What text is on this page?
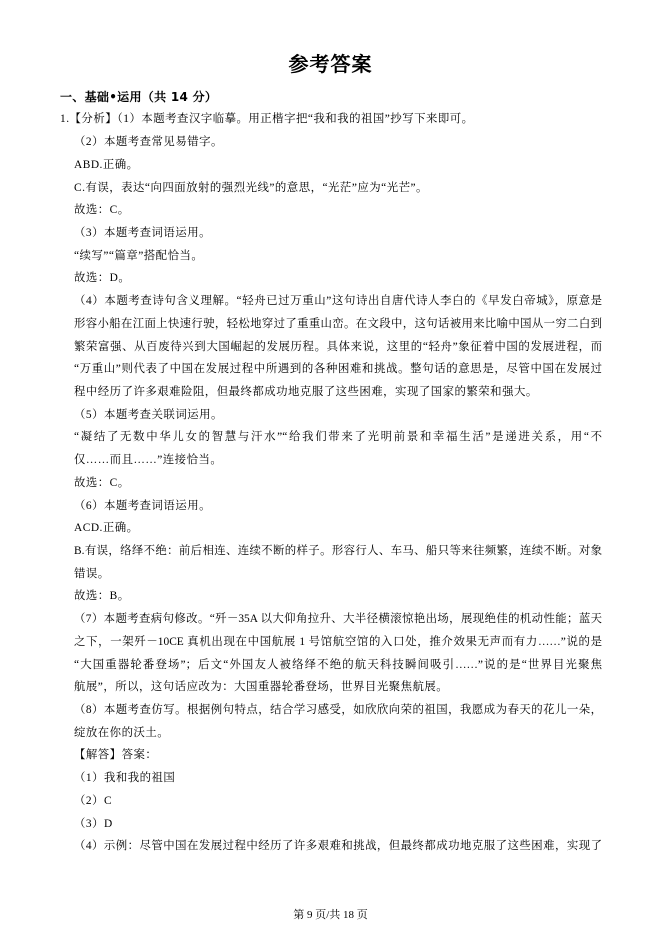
参考答案
一、基础•运用（共 14 分）
1.【分析】（1）本题考查汉字临摹。用正楷字把“我和我的祖国”抄写下来即可。
（2）本题考查常见易错字。
ABD.正确。
C.有误，表达“向四面放射的强烈光线”的意思，“光茫”应为“光芒”。
故选：C。
（3）本题考查词语运用。
“续写”“篇章”搭配恰当。
故选：D。
（4）本题考查诗句含义理解。“轻舟已过万重山”这句诗出自唐代诗人李白的《早发白帝城》，原意是
形容小船在江面上快速行驶，轻松地穿过了重重山峦。在文段中，这句话被用来比喻中国从一穷二白到
繁荣富强、从百废待兴到大国崛起的发展历程。具体来说，这里的“轻舟”象征着中国的发展进程，而
“万重山”则代表了中国在发展过程中所遇到的各种困难和挑战。整句话的意思是，尽管中国在发展过
程中经历了许多艰难险阻，但最终都成功地克服了这些困难，实现了国家的繁荣和强大。
（5）本题考查关联词运用。
“凝结了无数中华儿女的智慧与汗水”“给我们带来了光明前景和幸福生活”是递进关系，用“不
仅……而且……”连接恰当。
故选：C。
（6）本题考查词语运用。
ACD.正确。
B.有误，络绎不绝：前后相连、连续不断的样子。形容行人、车马、船只等来往频繁，连续不断。对象
错误。
故选：B。
（7）本题考查病句修改。“歼－35A 以大仰角拉升、大半径横滚惊艳出场，展现绝佳的机动性能；蓝天
之下，一架歼－10CE 真机出现在中国航展 1 号馆航空馆的入口处，推介效果无声而有力……”说的是
“大国重器轮番登场”；后文“外国友人被络绎不绝的航天科技瞬间吸引……”说的是“世界目光聚焦
航展”，所以，这句话应改为：大国重器轮番登场，世界目光聚焦航展。
（8）本题考查仿写。根据例句特点，结合学习感受，如欣欣向荣的祖国，我愿成为春天的花儿一朵，
绽放在你的沃土。
【解答】答案：
（1）我和我的祖国
（2）C
（3）D
（4）示例：尽管中国在发展过程中经历了许多艰难和挑战，但最终都成功地克服了这些困难，实现了
第 9 页/共 18 页
